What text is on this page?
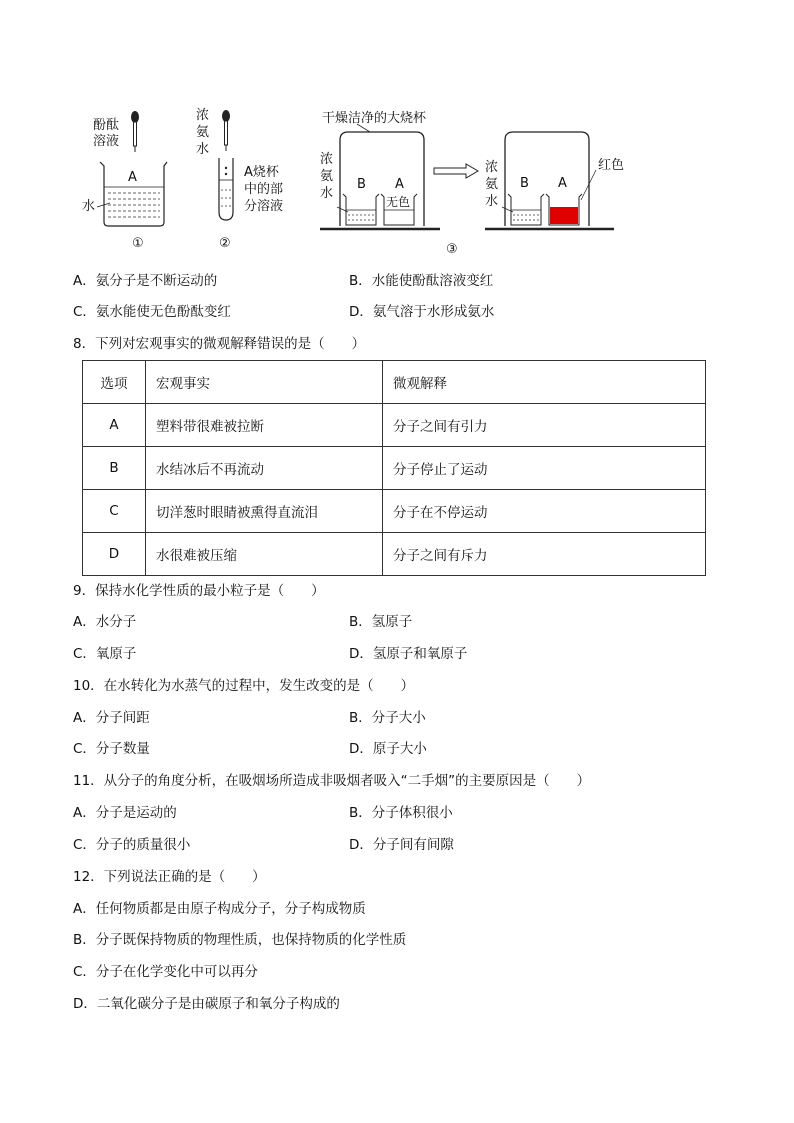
酚酞
溶液
A
水
①
浓
氨
水
A烧杯
中的部
分溶液
②
干燥洁净的大烧杯
浓
氨
水
B A
无色
浓
氨
水
B A
红色
③
A．氨分子是不断运动的	B．水能使酚酞溶液变红
C．氨水能使无色酚酞变红	D．氨气溶于水形成氨水
8．下列对宏观事实的微观解释错误的是（　　）
选项	宏观事实	微观解释
A	塑料带很难被拉断	分子之间有引力
B	水结冰后不再流动	分子停止了运动
C	切洋葱时眼睛被熏得直流泪	分子在不停运动
D	水很难被压缩	分子之间有斥力
9．保持水化学性质的最小粒子是（　　）
A．水分子	B．氢原子
C．氧原子	D．氢原子和氧原子
10．在水转化为水蒸气的过程中，发生改变的是（　　）
A．分子间距	B．分子大小
C．分子数量	D．原子大小
11．从分子的角度分析，在吸烟场所造成非吸烟者吸入“二手烟”的主要原因是（　　）
A．分子是运动的	B．分子体积很小
C．分子的质量很小	D．分子间有间隙
12．下列说法正确的是（　　）
A．任何物质都是由原子构成分子，分子构成物质
B．分子既保持物质的物理性质，也保持物质的化学性质
C．分子在化学变化中可以再分
D．二氧化碳分子是由碳原子和氧分子构成的
